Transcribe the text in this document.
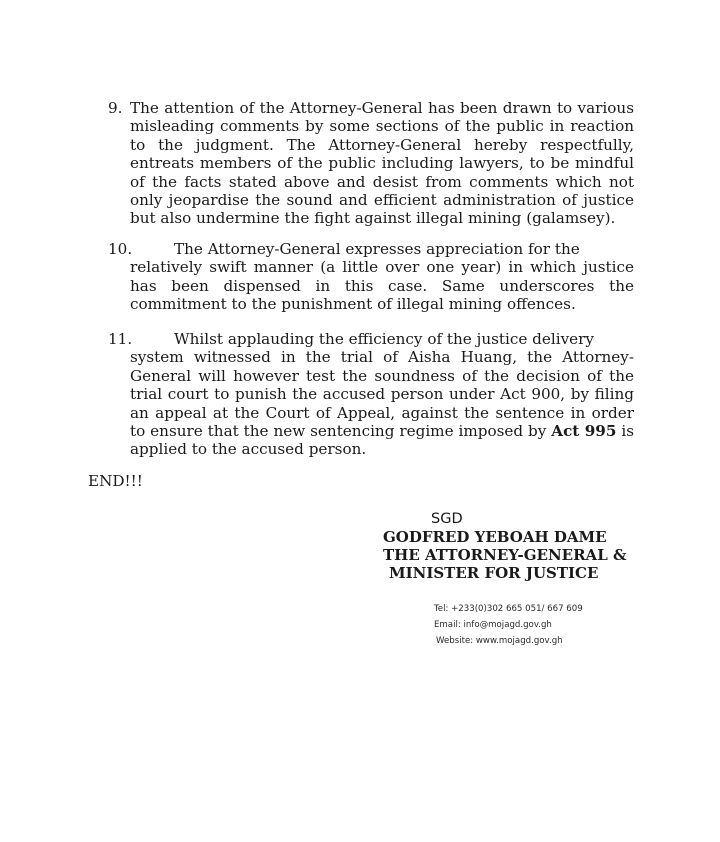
9. The attention of the Attorney-General has been drawn to various misleading comments by some sections of the public in reaction to the judgment. The Attorney-General hereby respectfully, entreats members of the public including lawyers, to be mindful of the facts stated above and desist from comments which not only jeopardise the sound and efficient administration of justice but also undermine the fight against illegal mining (galamsey).
10.	The Attorney-General expresses appreciation for the
relatively swift manner (a little over one year) in which justice has been dispensed in this case. Same underscores the commitment to the punishment of illegal mining offences.
11.	Whilst applauding the efficiency of the justice delivery
system witnessed in the trial of Aisha Huang, the Attorney-General will however test the soundness of the decision of the trial court to punish the accused person under Act 900, by filing an appeal at the Court of Appeal, against the sentence in order to ensure that the new sentencing regime imposed by Act 995 is applied to the accused person.
END!!!
SGD
GODFRED YEBOAH DAME
THE ATTORNEY-GENERAL &
MINISTER FOR JUSTICE
Tel: +233(0)302 665 051/ 667 609
Email: info@mojagd.gov.gh
Website: www.mojagd.gov.gh
